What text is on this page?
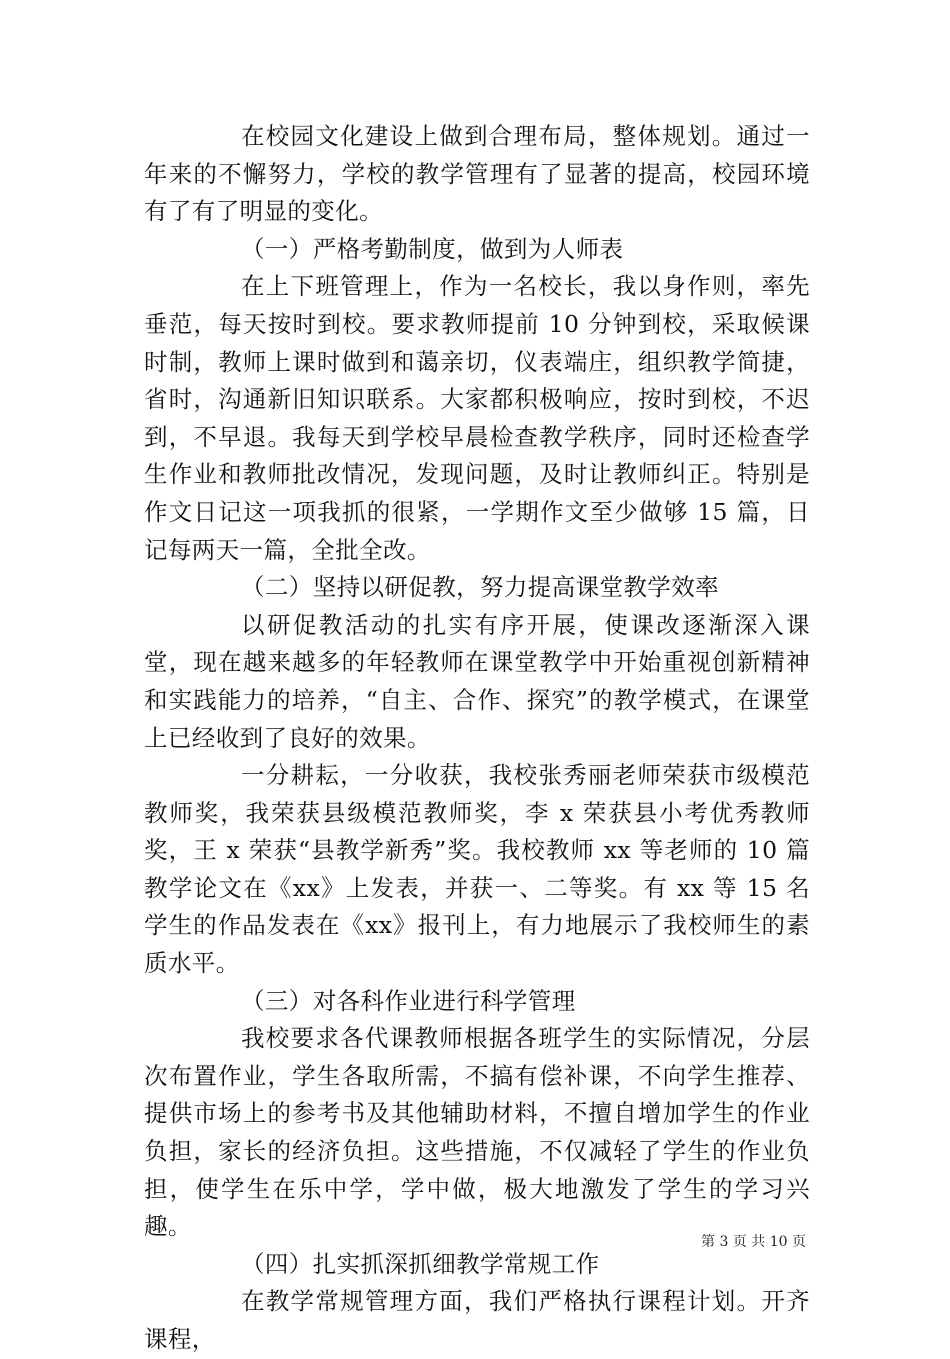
在校园文化建设上做到合理布局，整体规划。通过一年来的不懈努力，学校的教学管理有了显著的提高，校园环境有了有了明显的变化。

（一）严格考勤制度，做到为人师表

在上下班管理上，作为一名校长，我以身作则，率先垂范，每天按时到校。要求教师提前 10 分钟到校，采取候课时制，教师上课时做到和蔼亲切，仪表端庄，组织教学简捷，省时，沟通新旧知识联系。大家都积极响应，按时到校，不迟到，不早退。我每天到学校早晨检查教学秩序，同时还检查学生作业和教师批改情况，发现问题，及时让教师纠正。特别是作文日记这一项我抓的很紧，一学期作文至少做够 15 篇，日记每两天一篇，全批全改。

（二）坚持以研促教，努力提高课堂教学效率

以研促教活动的扎实有序开展，使课改逐渐深入课堂，现在越来越多的年轻教师在课堂教学中开始重视创新精神和实践能力的培养，“自主、合作、探究”的教学模式，在课堂上已经收到了良好的效果。

一分耕耘，一分收获，我校张秀丽老师荣获市级模范教师奖，我荣获县级模范教师奖，李 x 荣获县小考优秀教师奖，王 x 荣获“县教学新秀”奖。我校教师 xx 等老师的 10 篇教学论文在《xx》上发表，并获一、二等奖。有 xx 等 15 名学生的作品发表在《xx》报刊上，有力地展示了我校师生的素质水平。

（三）对各科作业进行科学管理

我校要求各代课教师根据各班学生的实际情况，分层次布置作业，学生各取所需，不搞有偿补课，不向学生推荐、提供市场上的参考书及其他辅助材料，不擅自增加学生的作业负担，家长的经济负担。这些措施，不仅减轻了学生的作业负担，使学生在乐中学，学中做，极大地激发了学生的学习兴趣。

（四）扎实抓深抓细教学常规工作

在教学常规管理方面，我们严格执行课程计划。开齐课程，

第 3 页 共 10 页
